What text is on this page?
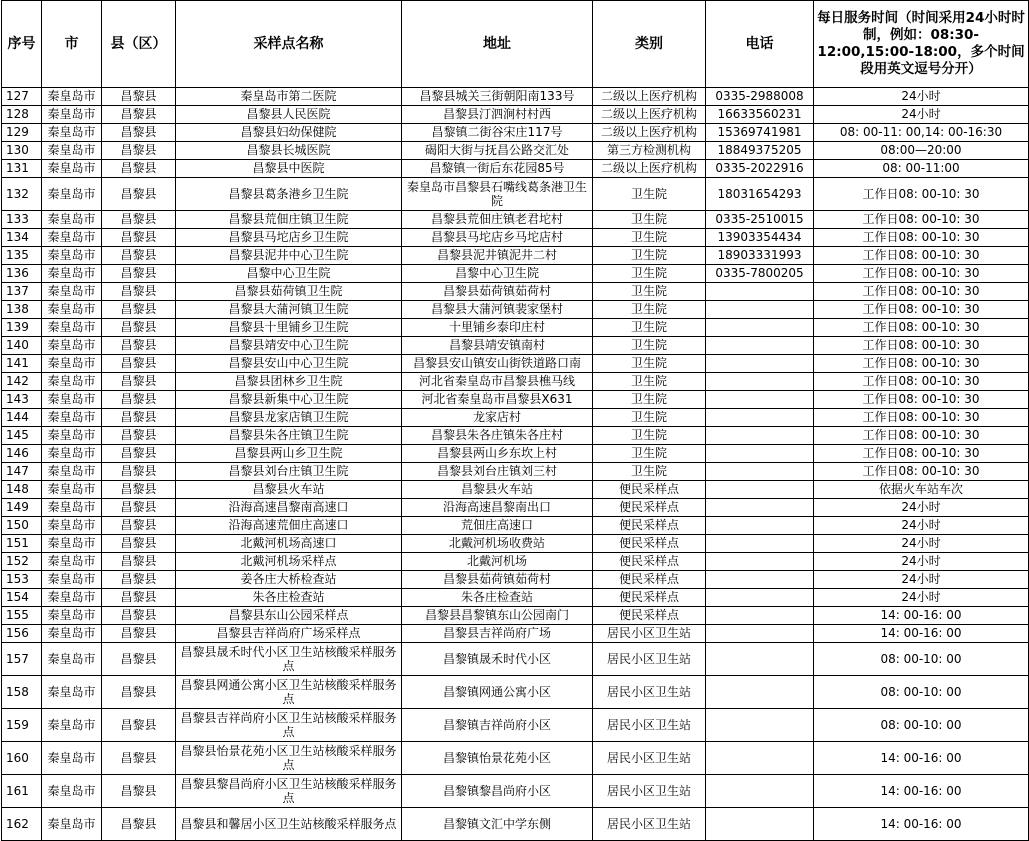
序号	市	县（区）	采样点名称	地址	类别	电话	每日服务时间（时间采用24小时时制，例如：08:30-12:00,15:00-18:00，多个时间段用英文逗号分开）
127	秦皇岛市	昌黎县	秦皇岛市第二医院	昌黎县城关三街朝阳南133号	二级以上医疗机构	0335-2988008	24小时
128	秦皇岛市	昌黎县	昌黎县人民医院	昌黎县汀泗涧村村西	二级以上医疗机构	16633560231	24小时
129	秦皇岛市	昌黎县	昌黎县妇幼保健院	昌黎镇二街谷宋庄117号	二级以上医疗机构	15369741981	08: 00-11: 00,14: 00-16:30
130	秦皇岛市	昌黎县	昌黎县长城医院	碣阳大街与抚昌公路交汇处	第三方检测机构	18849375205	08:00—20:00
131	秦皇岛市	昌黎县	昌黎县中医院	昌黎镇一街后东花园85号	二级以上医疗机构	0335-2022916	08: 00-11:00
132	秦皇岛市	昌黎县	昌黎县葛条港乡卫生院	秦皇岛市昌黎县石嘴线葛条港卫生院	卫生院	18031654293	工作日08: 00-10: 30
133	秦皇岛市	昌黎县	昌黎县荒佃庄镇卫生院	昌黎县荒佃庄镇老君坨村	卫生院	0335-2510015	工作日08: 00-10: 30
134	秦皇岛市	昌黎县	昌黎县马坨店乡卫生院	昌黎县马坨店乡马坨店村	卫生院	13903354434	工作日08: 00-10: 30
135	秦皇岛市	昌黎县	昌黎县泥井中心卫生院	昌黎县泥井镇泥井二村	卫生院	18903331993	工作日08: 00-10: 30
136	秦皇岛市	昌黎县	昌黎中心卫生院	昌黎中心卫生院	卫生院	0335-7800205	工作日08: 00-10: 30
137	秦皇岛市	昌黎县	昌黎县茹荷镇卫生院	昌黎县茹荷镇茹荷村	卫生院		工作日08: 00-10: 30
138	秦皇岛市	昌黎县	昌黎县大蒲河镇卫生院	昌黎县大蒲河镇裴家堡村	卫生院		工作日08: 00-10: 30
139	秦皇岛市	昌黎县	昌黎县十里铺乡卫生院	十里铺乡泰印庄村	卫生院		工作日08: 00-10: 30
140	秦皇岛市	昌黎县	昌黎县靖安中心卫生院	昌黎县靖安镇南村	卫生院		工作日08: 00-10: 30
141	秦皇岛市	昌黎县	昌黎县安山中心卫生院	昌黎县安山镇安山街铁道路口南	卫生院		工作日08: 00-10: 30
142	秦皇岛市	昌黎县	昌黎县团林乡卫生院	河北省秦皇岛市昌黎县樵马线	卫生院		工作日08: 00-10: 30
143	秦皇岛市	昌黎县	昌黎县新集中心卫生院	河北省秦皇岛市昌黎县X631	卫生院		工作日08: 00-10: 30
144	秦皇岛市	昌黎县	昌黎县龙家店镇卫生院	龙家店村	卫生院		工作日08: 00-10: 30
145	秦皇岛市	昌黎县	昌黎县朱各庄镇卫生院	昌黎县朱各庄镇朱各庄村	卫生院		工作日08: 00-10: 30
146	秦皇岛市	昌黎县	昌黎县两山乡卫生院	昌黎县两山乡东坎上村	卫生院		工作日08: 00-10: 30
147	秦皇岛市	昌黎县	昌黎县刘台庄镇卫生院	昌黎县刘台庄镇刘三村	卫生院		工作日08: 00-10: 30
148	秦皇岛市	昌黎县	昌黎县火车站	昌黎县火车站	便民采样点		依据火车站车次
149	秦皇岛市	昌黎县	沿海高速昌黎南高速口	沿海高速昌黎南出口	便民采样点		24小时
150	秦皇岛市	昌黎县	沿海高速荒佃庄高速口	荒佃庄高速口	便民采样点		24小时
151	秦皇岛市	昌黎县	北戴河机场高速口	北戴河机场收费站	便民采样点		24小时
152	秦皇岛市	昌黎县	北戴河机场采样点	北戴河机场	便民采样点		24小时
153	秦皇岛市	昌黎县	姜各庄大桥检查站	昌黎县茹荷镇茹荷村	便民采样点		24小时
154	秦皇岛市	昌黎县	朱各庄检查站	朱各庄检查站	便民采样点		24小时
155	秦皇岛市	昌黎县	昌黎县东山公园采样点	昌黎县昌黎镇东山公园南门	便民采样点		14: 00-16: 00
156	秦皇岛市	昌黎县	昌黎县吉祥尚府广场采样点	昌黎县吉祥尚府广场	居民小区卫生站		14: 00-16: 00
157	秦皇岛市	昌黎县	昌黎县晟禾时代小区卫生站核酸采样服务点	昌黎镇晟禾时代小区	居民小区卫生站		08: 00-10: 00
158	秦皇岛市	昌黎县	昌黎县网通公寓小区卫生站核酸采样服务点	昌黎镇网通公寓小区	居民小区卫生站		08: 00-10: 00
159	秦皇岛市	昌黎县	昌黎县吉祥尚府小区卫生站核酸采样服务点	昌黎镇吉祥尚府小区	居民小区卫生站		08: 00-10: 00
160	秦皇岛市	昌黎县	昌黎县怡景花苑小区卫生站核酸采样服务点	昌黎镇怡景花苑小区	居民小区卫生站		14: 00-16: 00
161	秦皇岛市	昌黎县	昌黎县黎昌尚府小区卫生站核酸采样服务点	昌黎镇黎昌尚府小区	居民小区卫生站		14: 00-16: 00
162	秦皇岛市	昌黎县	昌黎县和馨居小区卫生站核酸采样服务点	昌黎镇文汇中学东侧	居民小区卫生站		14: 00-16: 00
